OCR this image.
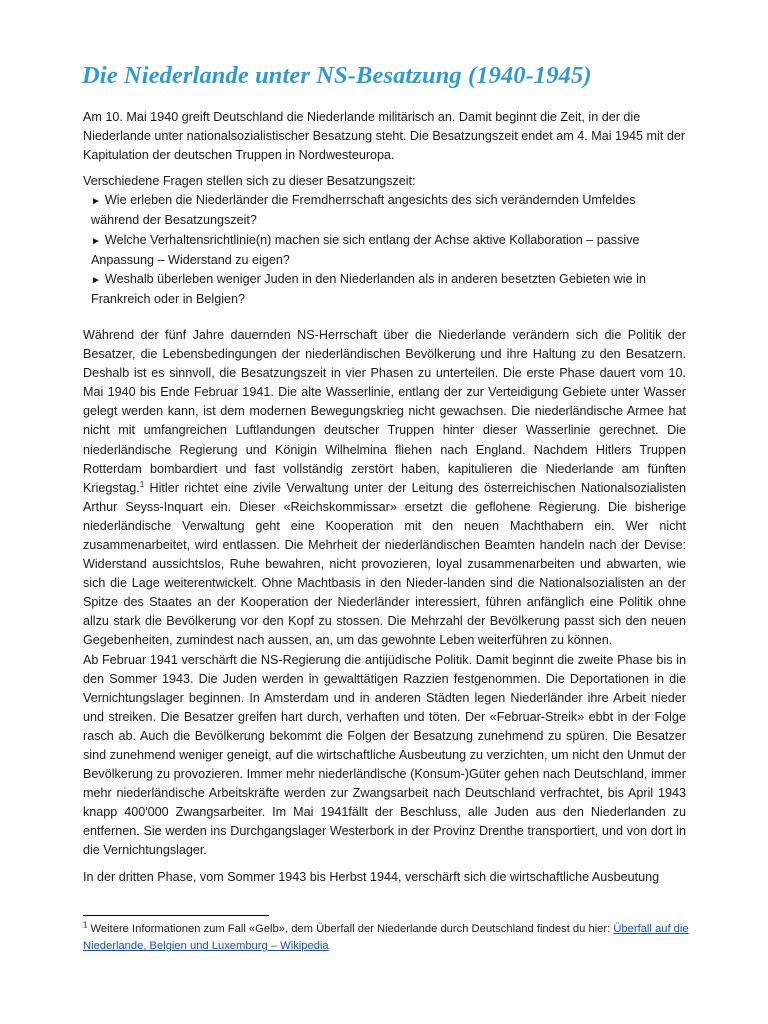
Die Niederlande unter NS-Besatzung (1940-1945)

Am 10. Mai 1940 greift Deutschland die Niederlande militärisch an. Damit beginnt die Zeit, in der die Niederlande unter nationalsozialistischer Besatzung steht. Die Besatzungszeit endet am 4. Mai 1945 mit der Kapitulation der deutschen Truppen in Nordwesteuropa.

Verschiedene Fragen stellen sich zu dieser Besatzungszeit:

► Wie erleben die Niederländer die Fremdherrschaft angesichts des sich verändernden Umfeldes während der Besatzungszeit?
► Welche Verhaltensrichtlinie(n) machen sie sich entlang der Achse aktive Kollaboration – passive Anpassung – Widerstand zu eigen?
► Weshalb überleben weniger Juden in den Niederlanden als in anderen besetzten Gebieten wie in Frankreich oder in Belgien?

Während der fünf Jahre dauernden NS-Herrschaft über die Niederlande verändern sich die Politik der Besatzer, die Lebensbedingungen der niederländischen Bevölkerung und ihre Haltung zu den Besatzern. Deshalb ist es sinnvoll, die Besatzungszeit in vier Phasen zu unterteilen. Die erste Phase dauert vom 10. Mai 1940 bis Ende Februar 1941. Die alte Wasserlinie, entlang der zur Verteidigung Gebiete unter Wasser gelegt werden kann, ist dem modernen Bewegungskrieg nicht gewachsen. Die niederländische Armee hat nicht mit umfangreichen Luftlandungen deutscher Truppen hinter dieser Wasserlinie gerechnet. Die niederländische Regierung und Königin Wilhelmina fliehen nach England. Nachdem Hitlers Truppen Rotterdam bombardiert und fast vollständig zerstört haben, kapitulieren die Niederlande am fünften Kriegstag.$^1$ Hitler richtet eine zivile Verwaltung unter der Leitung des österreichischen Nationalsozialisten Arthur Seyss-Inquart ein. Dieser «Reichskommissar» ersetzt die geflohene Regierung. Die bisherige niederländische Verwaltung geht eine Kooperation mit den neuen Machthabern ein. Wer nicht zusammenarbeitet, wird entlassen. Die Mehrheit der niederländischen Beamten handeln nach der Devise: Widerstand aussichtslos, Ruhe bewahren, nicht provozieren, loyal zusammenarbeiten und abwarten, wie sich die Lage weiterentwickelt. Ohne Machtbasis in den Nieder-landen sind die Nationalsozialisten an der Spitze des Staates an der Kooperation der Niederländer interessiert, führen anfänglich eine Politik ohne allzu stark die Bevölkerung vor den Kopf zu stossen. Die Mehrzahl der Bevölkerung passt sich den neuen Gegebenheiten, zumindest nach aussen, an, um das gewohnte Leben weiterführen zu können.

Ab Februar 1941 verschärft die NS-Regierung die antijüdische Politik. Damit beginnt die zweite Phase bis in den Sommer 1943. Die Juden werden in gewalttätigen Razzien festgenommen. Die Deportationen in die Vernichtungslager beginnen. In Amsterdam und in anderen Städten legen Niederländer ihre Arbeit nieder und streiken. Die Besatzer greifen hart durch, verhaften und töten. Der «Februar-Streik» ebbt in der Folge rasch ab. Auch die Bevölkerung bekommt die Folgen der Besatzung zunehmend zu spüren. Die Besatzer sind zunehmend weniger geneigt, auf die wirtschaftliche Ausbeutung zu verzichten, um nicht den Unmut der Bevölkerung zu provozieren. Immer mehr niederländische (Konsum-)Güter gehen nach Deutschland, immer mehr niederländische Arbeitskräfte werden zur Zwangsarbeit nach Deutschland verfrachtet, bis April 1943 knapp 400'000 Zwangsarbeiter. Im Mai 1941fällt der Beschluss, alle Juden aus den Niederlanden zu entfernen. Sie werden ins Durchgangslager Westerbork in der Provinz Drenthe transportiert, und von dort in die Vernichtungslager.

In der dritten Phase, vom Sommer 1943 bis Herbst 1944, verschärft sich die wirtschaftliche Ausbeutung

$^1$ Weitere Informationen zum Fall «Gelb», dem Überfall der Niederlande durch Deutschland findest du hier: Überfall auf die Niederlande, Belgien und Luxemburg – Wikipedia
